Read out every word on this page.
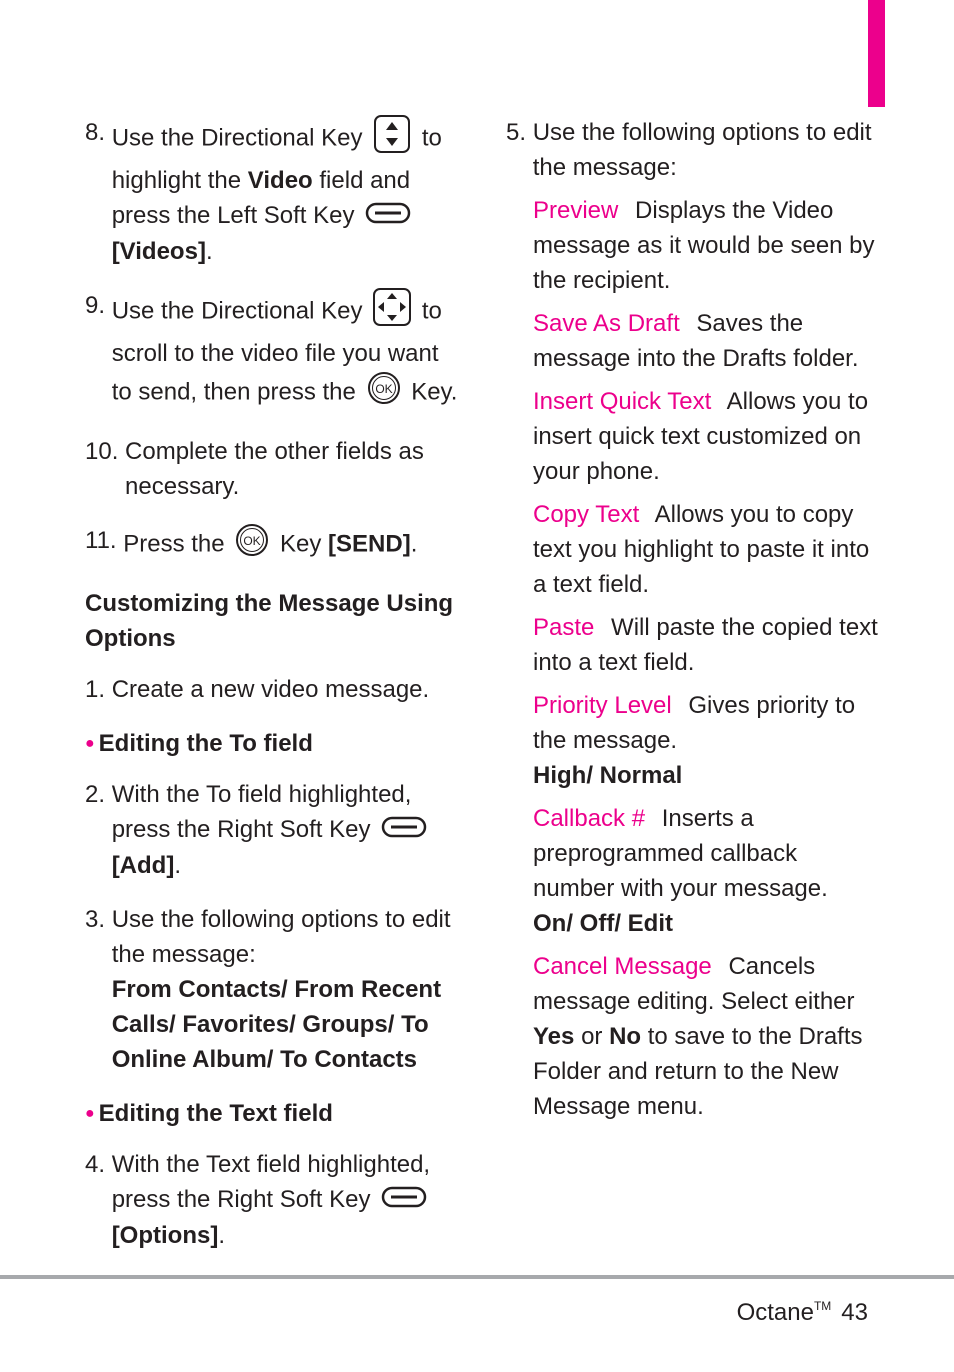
8. Use the Directional Key to highlight the Video field and press the Left Soft Key  [Videos].
9. Use the Directional Key to scroll to the video file you want to send, then press the OK Key.
10. Complete the other fields as necessary.
11. Press the OK Key [SEND].
Customizing the Message Using Options
1. Create a new video message.
● Editing the To field
2. With the To field highlighted, press the Right Soft Key  [Add].
3. Use the following options to edit the message:
From Contacts/ From Recent Calls/ Favorites/ Groups/ To Online Album/ To Contacts
● Editing the Text field
4. With the Text field highlighted, press the Right Soft Key  [Options].
5. Use the following options to edit the message:
Preview Displays the Video message as it would be seen by the recipient.
Save As Draft Saves the message into the Drafts folder.
Insert Quick Text Allows you to insert quick text customized on your phone.
Copy Text Allows you to copy text you highlight to paste it into a text field.
Paste Will paste the copied text into a text field.
Priority Level Gives priority to the message.
High/ Normal
Callback # Inserts a preprogrammed callback number with your message.
On/ Off/ Edit
Cancel Message Cancels message editing. Select either Yes or No to save to the Drafts Folder and return to the New Message menu.
Octane™ 43
